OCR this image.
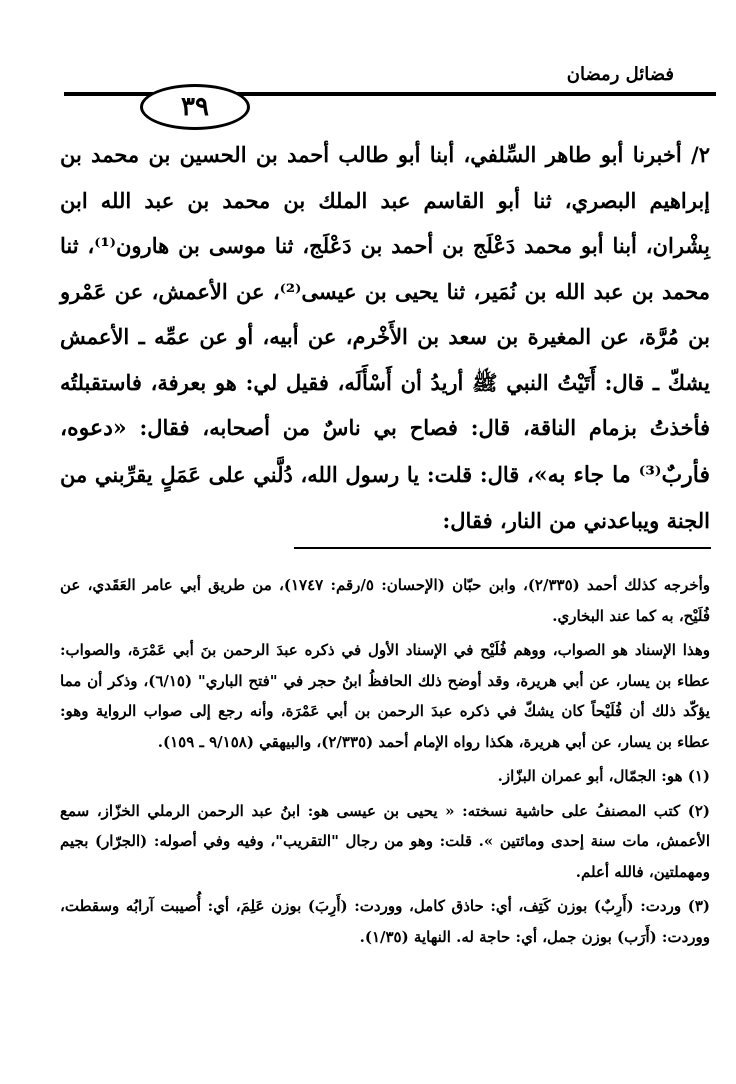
فضائل رمضان
٣٩

٢/ أخبرنا أبو طاهر السِّلفي، أبنا أبو طالب أحمد بن الحسين بن محمد بن إبراهيم البصري، ثنا أبو القاسم عبد الملك بن محمد بن عبد الله ابن بِشْران، أبنا أبو محمد دَعْلَج بن أحمد بن دَعْلَج، ثنا موسى بن هارون⁽¹⁾، ثنا محمد بن عبد الله بن نُمَير، ثنا يحيى بن عيسى⁽²⁾، عن الأعمش، عن عَمْرو بن مُرَّة، عن المغيرة بن سعد بن الأَخْرم، عن أبيه، أو عن عمِّه ـ الأعمش يشكّ ـ قال: أَتَيْتُ النبي ﷺ أريدُ أن أَسْأَلَه، فقيل لي: هو بعرفة، فاستقبلتُه فأخذتُ بزمام الناقة، قال: فصاح بي ناسٌ من أصحابه، فقال: «دعوه، فأربٌ⁽³⁾ ما جاء به»، قال: قلت: يا رسول الله، دُلَّني على عَمَلٍ يقرِّبني من الجنة ويباعدني من النار، فقال:

وأخرجه كذلك أحمد (٢/٣٣٥)، وابن حبّان (الإحسان: ٥/رقم: ١٧٤٧)، من طريق أبي عامر العَقَدي، عن فُلَيْح، به كما عند البخاري.

وهذا الإسناد هو الصواب، ووهم فُلَيْح في الإسناد الأول في ذكره عبدَ الرحمن بنَ أبي عَمْرَة، والصواب: عطاء بن يسار، عن أبي هريرة، وقد أوضح ذلك الحافظُ ابنُ حجر في "فتح الباري" (٦/١٥)، وذكر أن مما يؤكّد ذلك أن فُلَيْحاً كان يشكّ في ذكره عبدَ الرحمن بن أبي عَمْرَة، وأنه رجع إلى صواب الرواية وهو: عطاء بن يسار، عن أبي هريرة، هكذا رواه الإمام أحمد (٢/٣٣٥)، والبيهقي (٩/١٥٨ ـ ١٥٩).

(١) هو: الجمّال، أبو عمران البزّاز.

(٢) كتب المصنفُ على حاشية نسخته: « يحيى بن عيسى هو: ابنُ عبد الرحمن الرملي الخزّاز، سمع الأعمش، مات سنة إحدى ومائتين ». قلت: وهو من رجال "التقريب"، وفيه وفي أصوله: (الجرّار) بجيم ومهملتين، فالله أعلم.

(٣) وردت: (أَرِبٌ) بوزن كَتِف، أي: حاذق كامل، ووردت: (أَرِبَ) بوزن عَلِمَ، أي: أُصيبت آرابُه وسقطت، ووردت: (أَرَب) بوزن جمل، أي: حاجة له. النهاية (١/٣٥).
